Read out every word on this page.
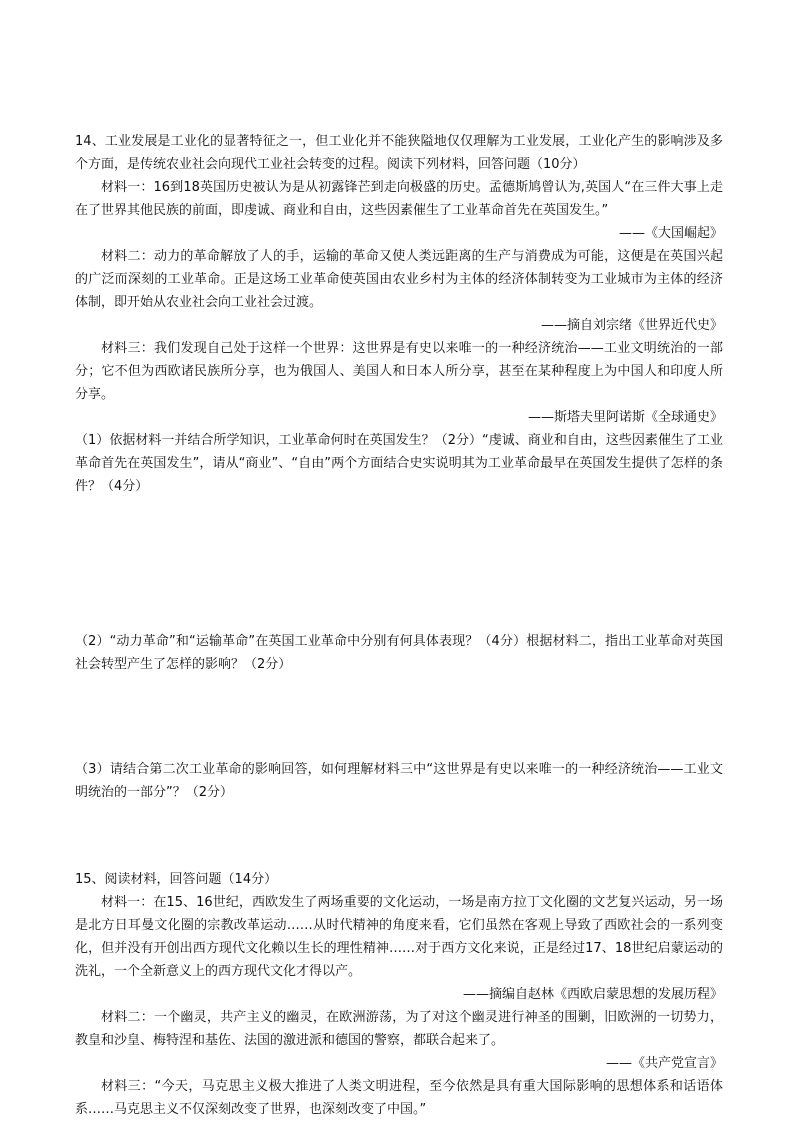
14、工业发展是工业化的显著特征之一，但工业化并不能狭隘地仅仅理解为工业发展，工业化产生的影响涉及多个方面，是传统农业社会向现代工业社会转变的过程。阅读下列材料，回答问题（10分）
材料一：16到18英国历史被认为是从初露锋芒到走向极盛的历史。孟德斯鸠曾认为,英国人“在三件大事上走在了世界其他民族的前面，即虔诚、商业和自由，这些因素催生了工业革命首先在英国发生。”
——《大国崛起》
材料二：动力的革命解放了人的手，运输的革命又使人类远距离的生产与消费成为可能，这便是在英国兴起的广泛而深刻的工业革命。正是这场工业革命使英国由农业乡村为主体的经济体制转变为工业城市为主体的经济体制，即开始从农业社会向工业社会过渡。
——摘自刘宗绪《世界近代史》
材料三：我们发现自己处于这样一个世界：这世界是有史以来唯一的一种经济统治——工业文明统治的一部分；它不但为西欧诸民族所分享，也为俄国人、美国人和日本人所分享，甚至在某种程度上为中国人和印度人所分享。
——斯塔夫里阿诺斯《全球通史》
（1）依据材料一并结合所学知识，工业革命何时在英国发生？（2分）“虔诚、商业和自由，这些因素催生了工业革命首先在英国发生”，请从“商业”、“自由”两个方面结合史实说明其为工业革命最早在英国发生提供了怎样的条件？（4分）
（2）“动力革命”和“运输革命”在英国工业革命中分别有何具体表现？（4分）根据材料二，指出工业革命对英国社会转型产生了怎样的影响？（2分）
（3）请结合第二次工业革命的影响回答，如何理解材料三中“这世界是有史以来唯一的一种经济统治——工业文明统治的一部分”？（2分）
15、阅读材料，回答问题（14分）
材料一：在15、16世纪，西欧发生了两场重要的文化运动，一场是南方拉丁文化圈的文艺复兴运动，另一场是北方日耳曼文化圈的宗教改革运动……从时代精神的角度来看，它们虽然在客观上导致了西欧社会的一系列变化，但并没有开创出西方现代文化赖以生长的理性精神……对于西方文化来说，正是经过17、18世纪启蒙运动的洗礼，一个全新意义上的西方现代文化才得以产。
——摘编自赵林《西欧启蒙思想的发展历程》
材料二：一个幽灵，共产主义的幽灵，在欧洲游荡，为了对这个幽灵进行神圣的围剿，旧欧洲的一切势力，教皇和沙皇、梅特涅和基佐、法国的激进派和德国的警察，都联合起来了。
——《共产党宣言》
材料三：“今天，马克思主义极大推进了人类文明进程，至今依然是具有重大国际影响的思想体系和话语体系……马克思主义不仅深刻改变了世界，也深刻改变了中国。”
